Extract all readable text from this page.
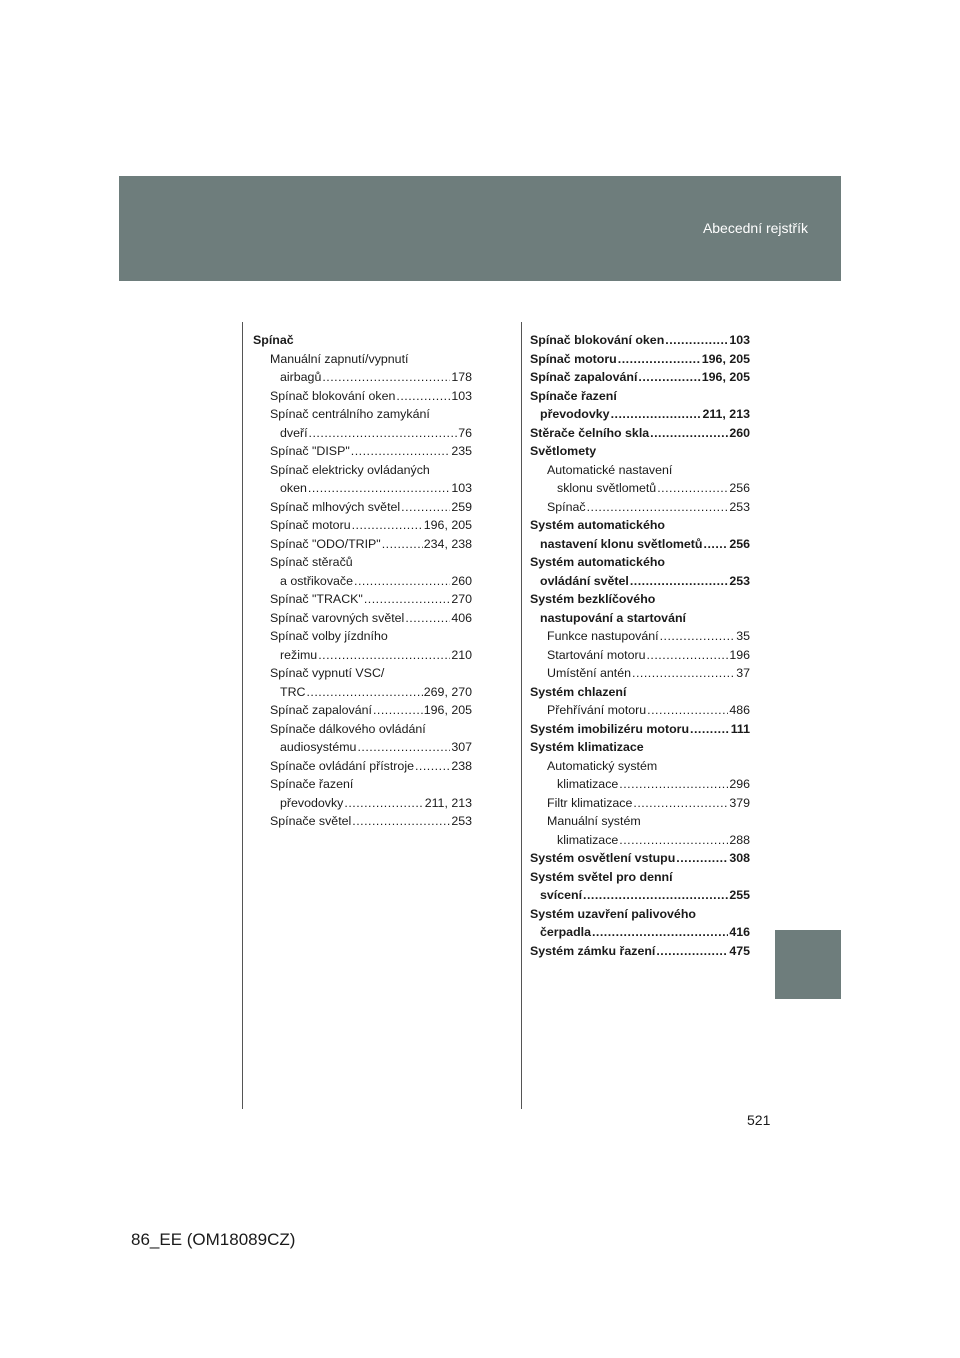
Abecední rejstřík
Spínač
Manuální zapnutí/vypnutí
airbagů .....	178
Spínač blokování oken .....	103
Spínač centrálního zamykání
dveří .....	76
Spínač "DISP" .....	235
Spínač elektricky ovládaných
oken .....	103
Spínač mlhových světel .....	259
Spínač motoru .....	196, 205
Spínač "ODO/TRIP" .....	234, 238
Spínač stěračů
a ostřikovače .....	260
Spínač "TRACK" .....	270
Spínač varovných světel .....	406
Spínač volby jízdního
režimu .....	210
Spínač vypnutí VSC/
TRC .....	269, 270
Spínač zapalování .....	196, 205
Spínače dálkového ovládání
audiosystému .....	307
Spínače ovládání přístroje .....	238
Spínače řazení
převodovky .....	211, 213
Spínače světel .....	253
Spínač blokování oken .....	103
Spínač motoru .....	196, 205
Spínač zapalování .....	196, 205
Spínače řazení
převodovky .....	211, 213
Stěrače čelního skla .....	260
Světlomety
Automatické nastavení
sklonu světlometů .....	256
Spínač .....	253
Systém automatického
nastavení klonu světlometů ..... 256
Systém automatického
ovládání světel .....	253
Systém bezklíčového
nastupování a startování
Funkce nastupování .....	35
Startování motoru .....	196
Umístění antén .....	37
Systém chlazení
Přehřívání motoru .....	486
Systém imobilizéru motoru .....	111
Systém klimatizace
Automatický systém
klimatizace .....	296
Filtr klimatizace .....	379
Manuální systém
klimatizace .....	288
Systém osvětlení vstupu .....	308
Systém světel pro denní
svícení .....	255
Systém uzavření palivového
čerpadla .....	416
Systém zámku řazení .....	475
521
86_EE (OM18089CZ)
